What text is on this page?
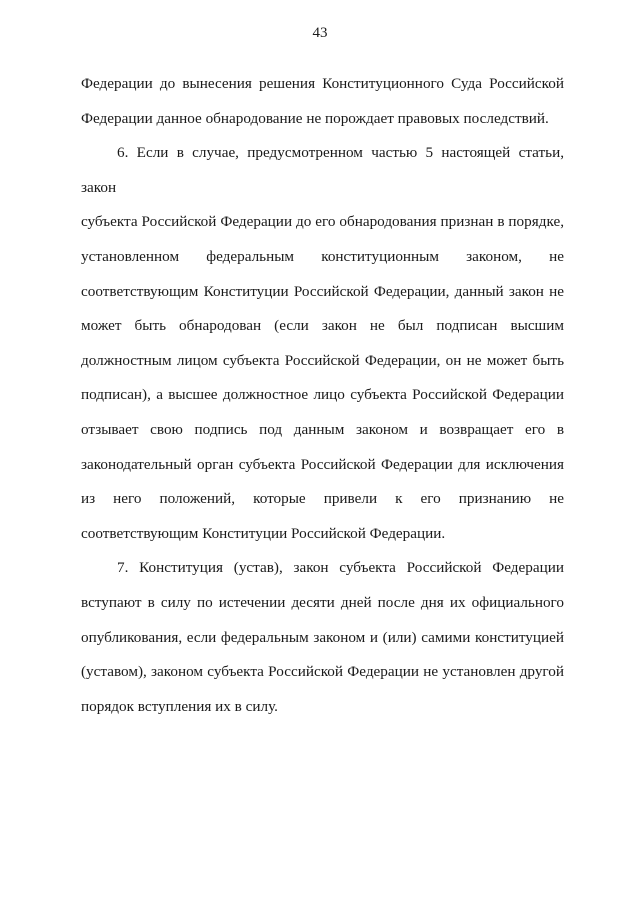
43

Федерации до вынесения решения Конституционного Суда Российской

Федерации данное обнародование не порождает правовых последствий.

6. Если в случае, предусмотренном частью 5 настоящей статьи, закон

субъекта Российской Федерации до его обнародования признан в порядке,

установленном федеральным конституционным законом, не

соответствующим Конституции Российской Федерации, данный закон не

может быть обнародован (если закон не был подписан высшим

должностным лицом субъекта Российской Федерации, он не может быть

подписан), а высшее должностное лицо субъекта Российской Федерации

отзывает свою подпись под данным законом и возвращает его в

законодательный орган субъекта Российской Федерации для исключения

из него положений, которые привели к его признанию не

соответствующим Конституции Российской Федерации.

7. Конституция (устав), закон субъекта Российской Федерации

вступают в силу по истечении десяти дней после дня их официального

опубликования, если федеральным законом и (или) самими конституцией

(уставом), законом субъекта Российской Федерации не установлен другой

порядок вступления их в силу.
